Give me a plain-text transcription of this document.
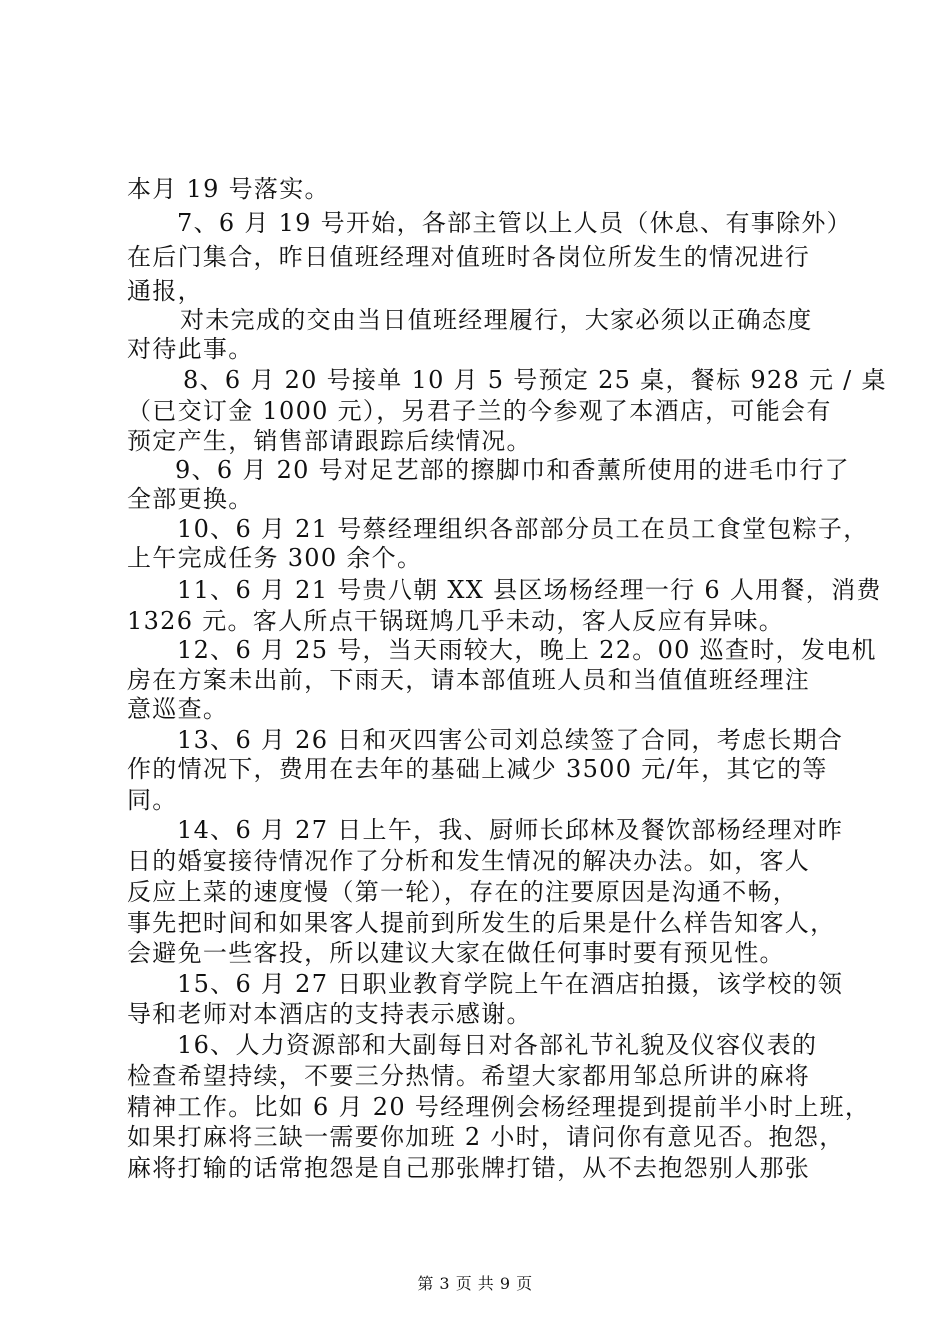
本月 19 号落实。
7、6 月 19 号开始，各部主管以上人员（休息、有事除外）
在后门集合，昨日值班经理对值班时各岗位所发生的情况进行
通报，
对未完成的交由当日值班经理履行，大家必须以正确态度
对待此事。
8、6 月 20 号接单 10 月 5 号预定 25 桌，餐标 928 元 / 桌
（已交订金 1000 元），另君子兰的今参观了本酒店，可能会有
预定产生，销售部请跟踪后续情况。
9、6 月 20 号对足艺部的擦脚巾和香薰所使用的进毛巾行了
全部更换。
10、6 月 21 号蔡经理组织各部部分员工在员工食堂包粽子，
上午完成任务 300 余个。
11、6 月 21 号贵八朝 XX 县区场杨经理一行 6 人用餐，消费
1326 元。客人所点干锅斑鸠几乎未动，客人反应有异味。
12、6 月 25 号，当天雨较大，晚上 22。00 巡查时，发电机
房在方案未出前，下雨天，请本部值班人员和当值值班经理注
意巡查。
13、6 月 26 日和灭四害公司刘总续签了合同，考虑长期合
作的情况下，费用在去年的基础上减少 3500 元/年，其它的等
同。
14、6 月 27 日上午，我、厨师长邱林及餐饮部杨经理对昨
日的婚宴接待情况作了分析和发生情况的解决办法。如，客人
反应上菜的速度慢（第一轮），存在的注要原因是沟通不畅，
事先把时间和如果客人提前到所发生的后果是什么样告知客人，
会避免一些客投，所以建议大家在做任何事时要有预见性。
15、6 月 27 日职业教育学院上午在酒店拍摄，该学校的领
导和老师对本酒店的支持表示感谢。
16、人力资源部和大副每日对各部礼节礼貌及仪容仪表的
检查希望持续，不要三分热情。希望大家都用邹总所讲的麻将
精神工作。比如 6 月 20 号经理例会杨经理提到提前半小时上班，
如果打麻将三缺一需要你加班 2 小时，请问你有意见否。抱怨，
麻将打输的话常抱怨是自己那张牌打错，从不去抱怨别人那张
第 3 页 共 9 页
